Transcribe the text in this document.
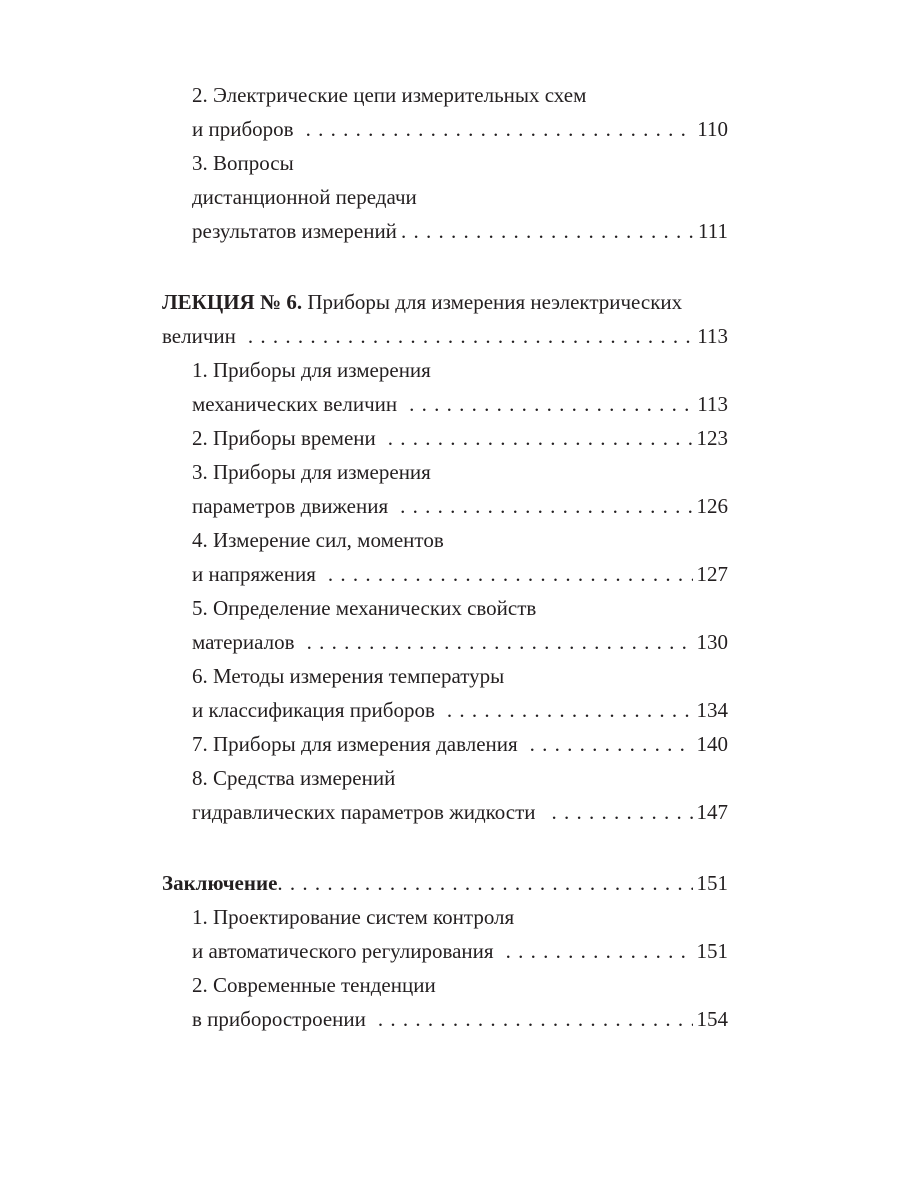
2. Электрические цепи измерительных схем
и приборов . . .	110
3. Вопросы
дистанционной передачи
результатов измерений . . .	111
ЛЕКЦИЯ № 6. Приборы для измерения неэлектрических
величин . . .	113
1. Приборы для измерения
механических величин . . .	113
2. Приборы времени . . .	123
3. Приборы для измерения
параметров движения . . .	126
4. Измерение сил, моментов
и напряжения . . .	127
5. Определение механических свойств
материалов . . .	130
6. Методы измерения температуры
и классификация приборов . . .	134
7. Приборы для измерения давления . . .	140
8. Средства измерений
гидравлических параметров жидкости . . .	147
Заключение . . .	151
1. Проектирование систем контроля
и автоматического регулирования . . .	151
2. Современные тенденции
в приборостроении . . .	154
